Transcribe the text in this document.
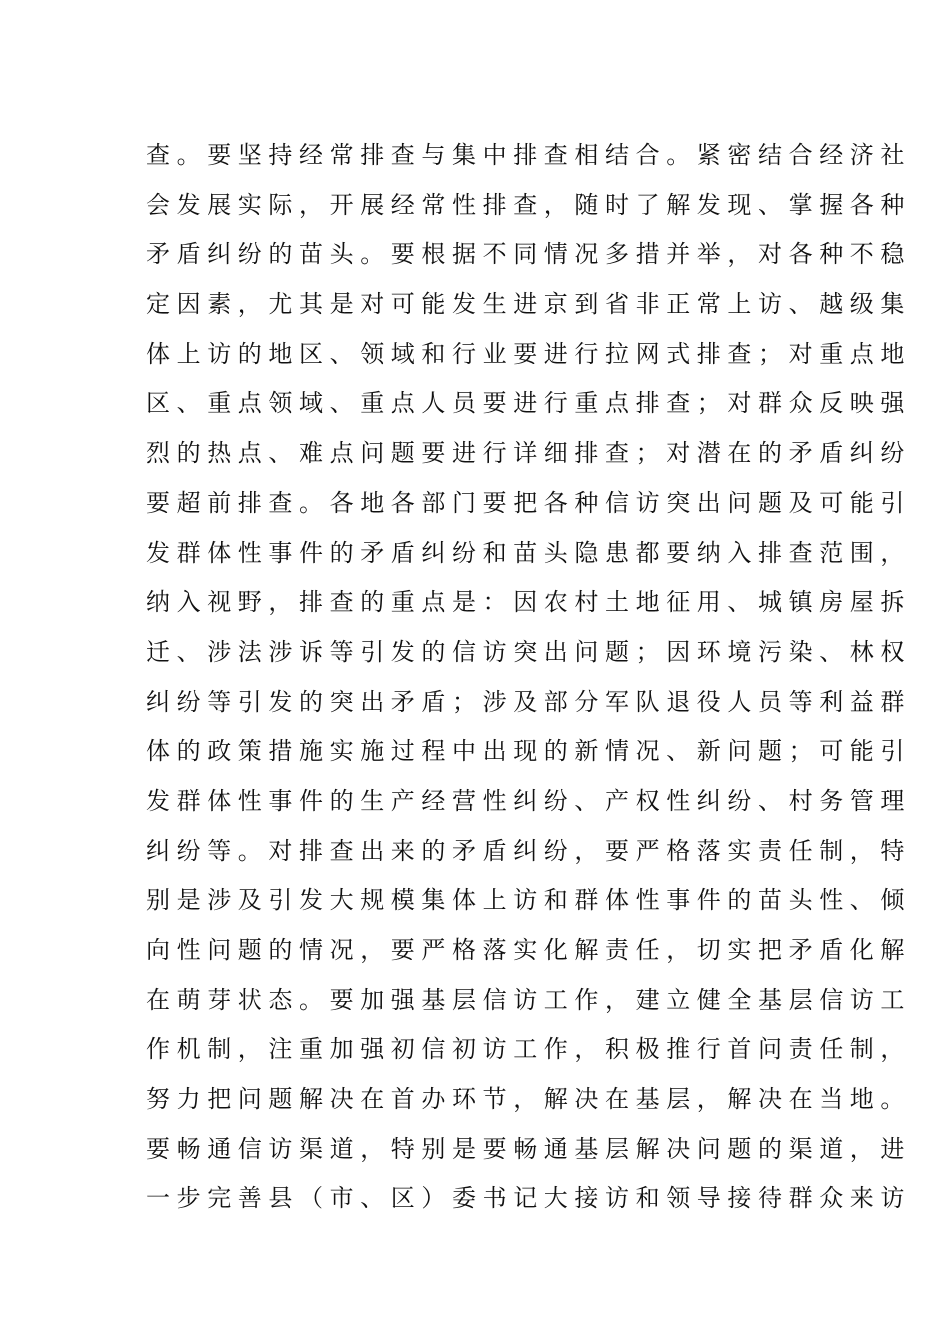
查。要坚持经常排查与集中排查相结合。紧密结合经济社
会发展实际，开展经常性排查，随时了解发现、掌握各种
矛盾纠纷的苗头。要根据不同情况多措并举，对各种不稳
定因素，尤其是对可能发生进京到省非正常上访、越级集
体上访的地区、领域和行业要进行拉网式排查；对重点地
区、重点领域、重点人员要进行重点排查；对群众反映强
烈的热点、难点问题要进行详细排查；对潜在的矛盾纠纷
要超前排查。各地各部门要把各种信访突出问题及可能引
发群体性事件的矛盾纠纷和苗头隐患都要纳入排查范围，
纳入视野，排查的重点是：因农村土地征用、城镇房屋拆
迁、涉法涉诉等引发的信访突出问题；因环境污染、林权
纠纷等引发的突出矛盾；涉及部分军队退役人员等利益群
体的政策措施实施过程中出现的新情况、新问题；可能引
发群体性事件的生产经营性纠纷、产权性纠纷、村务管理
纠纷等。对排查出来的矛盾纠纷，要严格落实责任制，特
别是涉及引发大规模集体上访和群体性事件的苗头性、倾
向性问题的情况，要严格落实化解责任，切实把矛盾化解
在萌芽状态。要加强基层信访工作，建立健全基层信访工
作机制，注重加强初信初访工作，积极推行首问责任制，
努力把问题解决在首办环节，解决在基层，解决在当地。
要畅通信访渠道，特别是要畅通基层解决问题的渠道，进
一步完善县（市、区）委书记大接访和领导接待群众来访
